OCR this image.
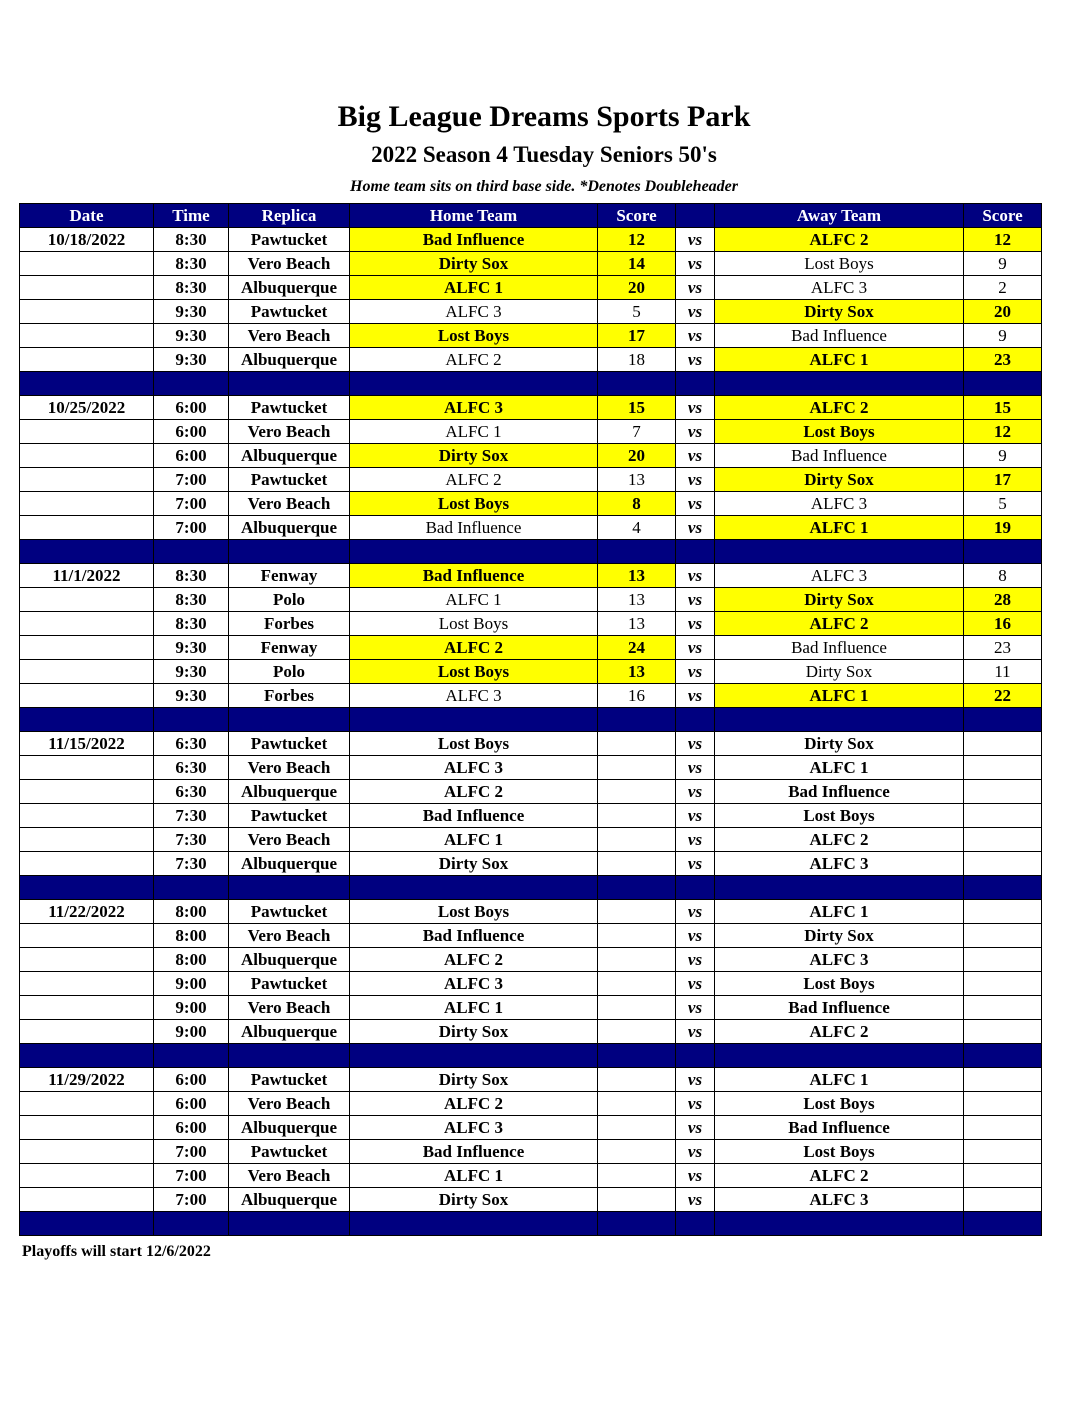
Big League Dreams Sports Park
2022 Season 4 Tuesday Seniors 50's
Home team sits on third base side. *Denotes Doubleheader
Date	Time	Replica	Home Team	Score		Away Team	Score
10/18/2022	8:30	Pawtucket	Bad Influence	12	vs	ALFC 2	12
	8:30	Vero Beach	Dirty Sox	14	vs	Lost Boys	9
	8:30	Albuquerque	ALFC 1	20	vs	ALFC 3	2
	9:30	Pawtucket	ALFC 3	5	vs	Dirty Sox	20
	9:30	Vero Beach	Lost Boys	17	vs	Bad Influence	9
	9:30	Albuquerque	ALFC 2	18	vs	ALFC 1	23

10/25/2022	6:00	Pawtucket	ALFC 3	15	vs	ALFC 2	15
	6:00	Vero Beach	ALFC 1	7	vs	Lost Boys	12
	6:00	Albuquerque	Dirty Sox	20	vs	Bad Influence	9
	7:00	Pawtucket	ALFC 2	13	vs	Dirty Sox	17
	7:00	Vero Beach	Lost Boys	8	vs	ALFC 3	5
	7:00	Albuquerque	Bad Influence	4	vs	ALFC 1	19

11/1/2022	8:30	Fenway	Bad Influence	13	vs	ALFC 3	8
	8:30	Polo	ALFC 1	13	vs	Dirty Sox	28
	8:30	Forbes	Lost Boys	13	vs	ALFC 2	16
	9:30	Fenway	ALFC 2	24	vs	Bad Influence	23
	9:30	Polo	Lost Boys	13	vs	Dirty Sox	11
	9:30	Forbes	ALFC 3	16	vs	ALFC 1	22

11/15/2022	6:30	Pawtucket	Lost Boys		vs	Dirty Sox	
	6:30	Vero Beach	ALFC 3		vs	ALFC 1	
	6:30	Albuquerque	ALFC 2		vs	Bad Influence	
	7:30	Pawtucket	Bad Influence		vs	Lost Boys	
	7:30	Vero Beach	ALFC 1		vs	ALFC 2	
	7:30	Albuquerque	Dirty Sox		vs	ALFC 3	

11/22/2022	8:00	Pawtucket	Lost Boys		vs	ALFC 1	
	8:00	Vero Beach	Bad Influence		vs	Dirty Sox	
	8:00	Albuquerque	ALFC 2		vs	ALFC 3	
	9:00	Pawtucket	ALFC 3		vs	Lost Boys	
	9:00	Vero Beach	ALFC 1		vs	Bad Influence	
	9:00	Albuquerque	Dirty Sox		vs	ALFC 2	

11/29/2022	6:00	Pawtucket	Dirty Sox		vs	ALFC 1	
	6:00	Vero Beach	ALFC 2		vs	Lost Boys	
	6:00	Albuquerque	ALFC 3		vs	Bad Influence	
	7:00	Pawtucket	Bad Influence		vs	Lost Boys	
	7:00	Vero Beach	ALFC 1		vs	ALFC 2	
	7:00	Albuquerque	Dirty Sox		vs	ALFC 3	

Playoffs will start 12/6/2022
